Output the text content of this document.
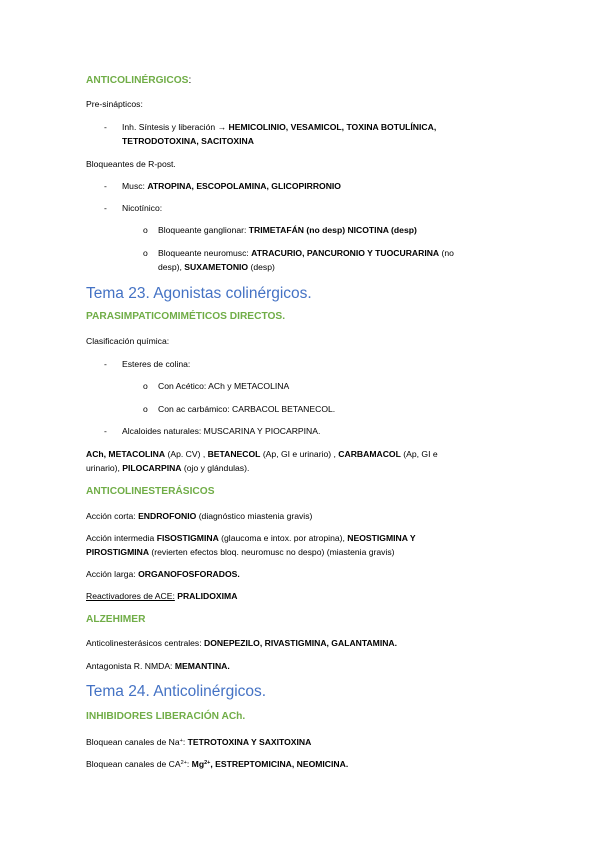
ANTICOLINÉRGICOS:
Pre-sinápticos:
- Inh. Síntesis y liberación → HEMICOLINIO, VESAMICOL, TOXINA BOTULÍNICA,
TETRODOTOXINA, SACITOXINA
Bloqueantes de R-post.
- Musc: ATROPINA, ESCOPOLAMINA, GLICOPIRRONIO
- Nicotínico:
o Bloqueante ganglionar: TRIMETAFÁN (no desp) NICOTINA (desp)
o Bloqueante neuromusc: ATRACURIO, PANCURONIO Y TUOCURARINA (no
desp), SUXAMETONIO (desp)
Tema 23. Agonistas colinérgicos.
PARASIMPATICOMIMÉTICOS DIRECTOS.
Clasificación química:
- Esteres de colina:
o Con Acético: ACh y METACOLINA
o Con ac carbámico: CARBACOL BETANECOL.
- Alcaloides naturales: MUSCARINA Y PIOCARPINA.
ACh, METACOLINA (Ap. CV) , BETANECOL (Ap, GI e urinario) , CARBAMACOL (Ap, GI e
urinario), PILOCARPINA (ojo y glándulas).
ANTICOLINESTERÁSICOS
Acción corta: ENDROFONIO (diagnóstico miastenia gravis)
Acción intermedia FISOSTIGMINA (glaucoma e intox. por atropina), NEOSTIGMINA Y
PIROSTIGMINA (revierten efectos bloq. neuromusc no despo) (miastenia gravis)
Acción larga: ORGANOFOSFORADOS.
Reactivadores de ACE: PRALIDOXIMA
ALZEHIMER
Anticolinesterásicos centrales: DONEPEZILO, RIVASTIGMINA, GALANTAMINA.
Antagonista R. NMDA: MEMANTINA.
Tema 24. Anticolinérgicos.
INHIBIDORES LIBERACIÓN ACh.
Bloquean canales de Na+: TETROTOXINA Y SAXITOXINA
Bloquean canales de $CA^{2+}$: $Mg^{2+}$, ESTREPTOMICINA, NEOMICINA.
